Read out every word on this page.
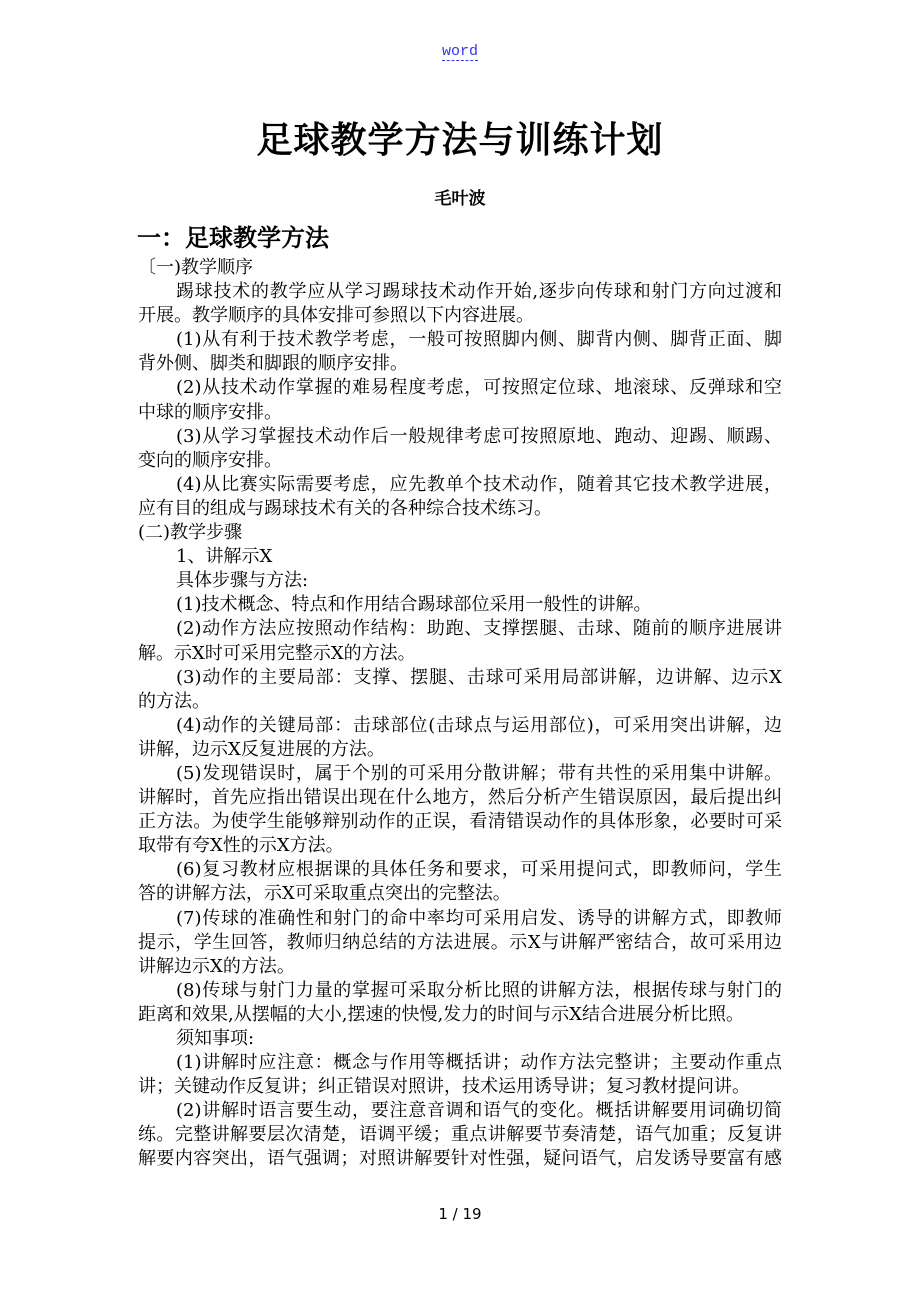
word
足球教学方法与训练计划
毛叶波
一：足球教学方法
〔一)教学顺序
踢球技术的教学应从学习踢球技术动作开始,逐步向传球和射门方向过渡和
开展。教学顺序的具体安排可参照以下内容进展。
(1)从有利于技术教学考虑，一般可按照脚内侧、脚背内侧、脚背正面、脚
背外侧、脚类和脚跟的顺序安排。
(2)从技术动作掌握的难易程度考虑，可按照定位球、地滚球、反弹球和空
中球的顺序安排。
(3)从学习掌握技术动作后一般规律考虑可按照原地、跑动、迎踢、顺踢、
变向的顺序安排。
(4)从比赛实际需要考虑，应先教单个技术动作，随着其它技术教学进展，
应有目的组成与踢球技术有关的各种综合技术练习。
(二)教学步骤
1、讲解示X
具体步骤与方法:
(1)技术概念、特点和作用结合踢球部位采用一般性的讲解。
(2)动作方法应按照动作结构：助跑、支撑摆腿、击球、随前的顺序进展讲
解。示X时可采用完整示X的方法。
(3)动作的主要局部：支撑、摆腿、击球可采用局部讲解，边讲解、边示X
的方法。
(4)动作的关键局部：击球部位(击球点与运用部位)，可采用突出讲解，边
讲解，边示X反复进展的方法。
(5)发现错误时，属于个别的可采用分散讲解；带有共性的采用集中讲解。
讲解时，首先应指出错误出现在什么地方，然后分析产生错误原因，最后提出纠
正方法。为使学生能够辩别动作的正误，看清错误动作的具体形象，必要时可采
取带有夸X性的示X方法。
(6)复习教材应根据课的具体任务和要求，可采用提问式，即教师问，学生
答的讲解方法，示X可采取重点突出的完整法。
(7)传球的准确性和射门的命中率均可采用启发、诱导的讲解方式，即教师
提示，学生回答，教师归纳总结的方法进展。示X与讲解严密结合，故可采用边
讲解边示X的方法。
(8)传球与射门力量的掌握可采取分析比照的讲解方法，根据传球与射门的
距离和效果,从摆幅的大小,摆速的快慢,发力的时间与示X结合进展分析比照。
须知事项:
(1)讲解时应注意：概念与作用等概括讲；动作方法完整讲；主要动作重点
讲；关键动作反复讲；纠正错误对照讲，技术运用诱导讲；复习教材提问讲。
(2)讲解时语言要生动，要注意音调和语气的变化。概括讲解要用词确切简
练。完整讲解要层次清楚，语调平缓；重点讲解要节奏清楚，语气加重；反复讲
解要内容突出，语气强调；对照讲解要针对性强，疑问语气，启发诱导要富有感
1 / 19
